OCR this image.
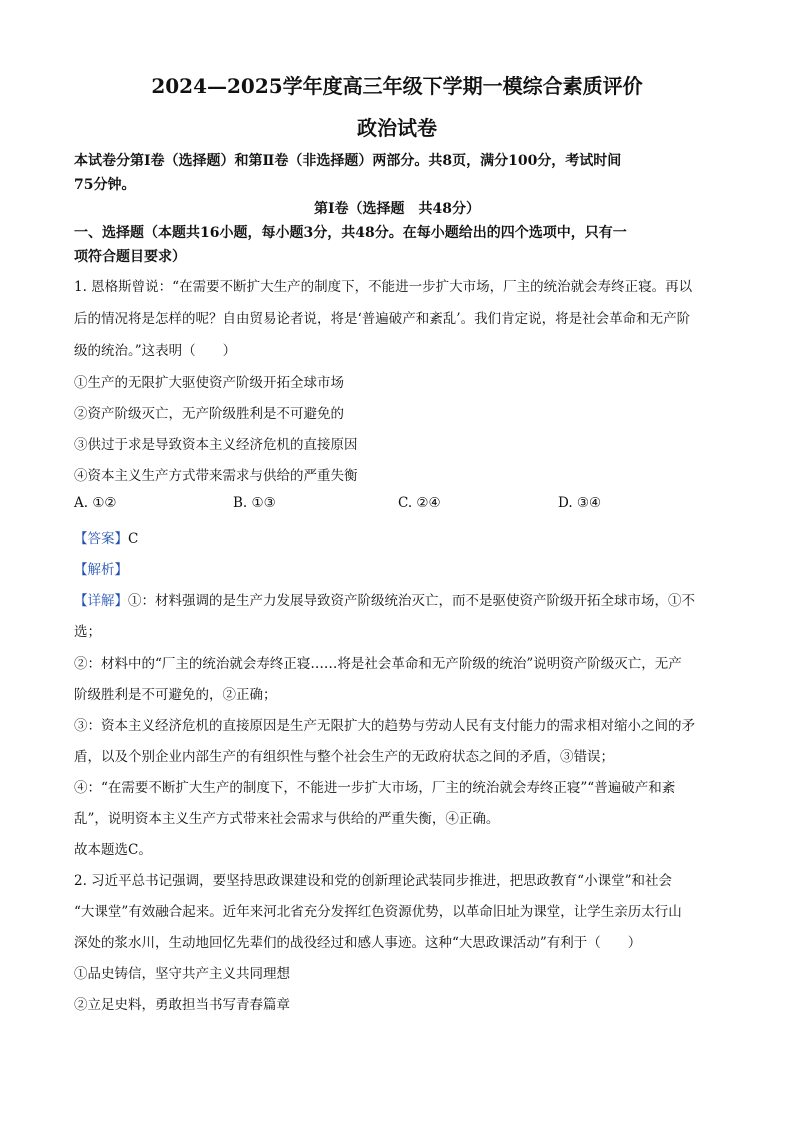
2024—2025学年度高三年级下学期一模综合素质评价
政治试卷
本试卷分第Ⅰ卷（选择题）和第Ⅱ卷（非选择题）两部分。共8页，满分100分，考试时间
75分钟。
第Ⅰ卷（选择题　共48分）
一、选择题（本题共16小题，每小题3分，共48分。在每小题给出的四个选项中，只有一
项符合题目要求）
1. 恩格斯曾说：“在需要不断扩大生产的制度下，不能进一步扩大市场，厂主的统治就会寿终正寝。再以
后的情况将是怎样的呢？自由贸易论者说，将是‘普遍破产和紊乱’。我们肯定说，将是社会革命和无产阶
级的统治。”这表明（　　）
①生产的无限扩大驱使资产阶级开拓全球市场
②资产阶级灭亡，无产阶级胜利是不可避免的
③供过于求是导致资本主义经济危机的直接原因
④资本主义生产方式带来需求与供给的严重失衡
A. ①②	B. ①③	C. ②④	D. ③④
【答案】C
【解析】
【详解】①：材料强调的是生产力发展导致资产阶级统治灭亡，而不是驱使资产阶级开拓全球市场，①不
选；
②：材料中的“厂主的统治就会寿终正寝……将是社会革命和无产阶级的统治”说明资产阶级灭亡，无产
阶级胜利是不可避免的，②正确；
③：资本主义经济危机的直接原因是生产无限扩大的趋势与劳动人民有支付能力的需求相对缩小之间的矛
盾，以及个别企业内部生产的有组织性与整个社会生产的无政府状态之间的矛盾，③错误；
④：“在需要不断扩大生产的制度下，不能进一步扩大市场，厂主的统治就会寿终正寝”“普遍破产和紊
乱”，说明资本主义生产方式带来社会需求与供给的严重失衡，④正确。
故本题选C。
2. 习近平总书记强调，要坚持思政课建设和党的创新理论武装同步推进，把思政教育“小课堂”和社会
“大课堂”有效融合起来。近年来河北省充分发挥红色资源优势，以革命旧址为课堂，让学生亲历太行山
深处的浆水川，生动地回忆先辈们的战役经过和感人事迹。这种“大思政课活动”有利于（　　）
①品史铸信，坚守共产主义共同理想
②立足史料，勇敢担当书写青春篇章
